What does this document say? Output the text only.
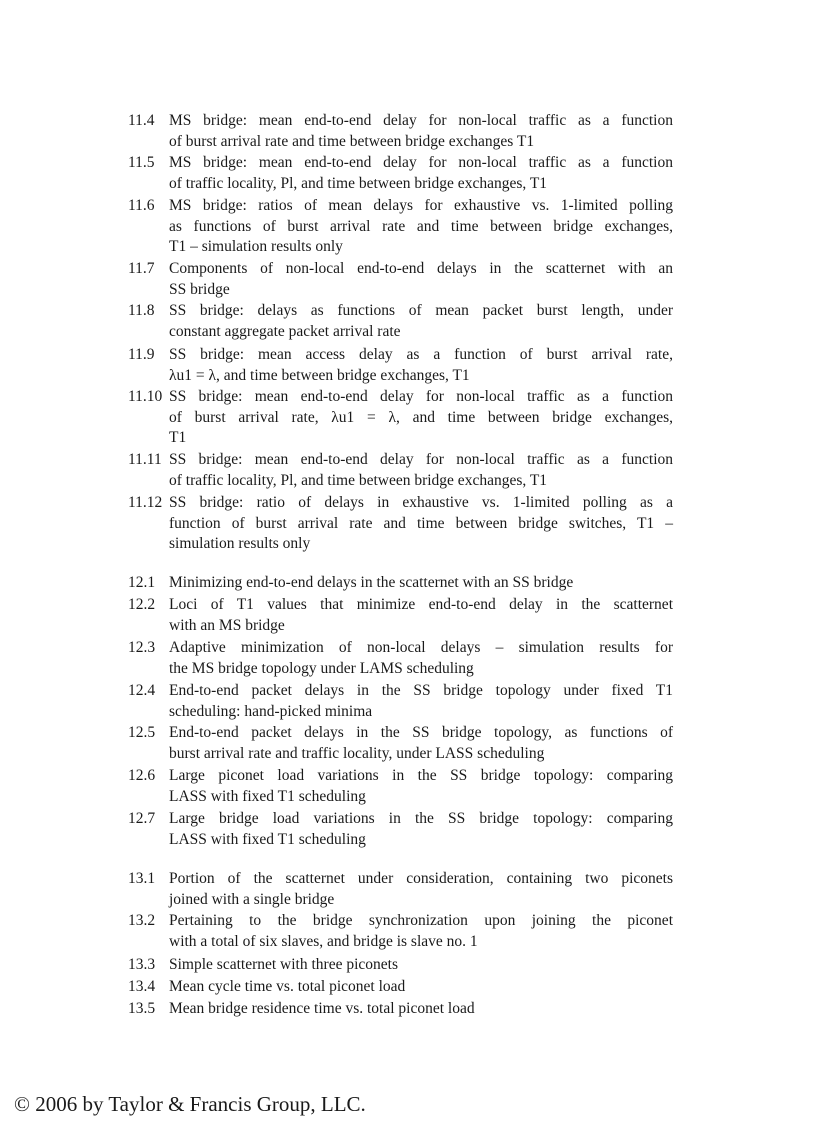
11.4 MS bridge: mean end-to-end delay for non-local traffic as a function
of burst arrival rate and time between bridge exchanges T1
11.5 MS bridge: mean end-to-end delay for non-local traffic as a function
of traffic locality, Pl, and time between bridge exchanges, T1
11.6 MS bridge: ratios of mean delays for exhaustive vs. 1-limited polling
as functions of burst arrival rate and time between bridge exchanges,
T1 – simulation results only
11.7 Components of non-local end-to-end delays in the scatternet with an
SS bridge
11.8 SS bridge: delays as functions of mean packet burst length, under
constant aggregate packet arrival rate
11.9 SS bridge: mean access delay as a function of burst arrival rate,
λu1 = λ, and time between bridge exchanges, T1
11.10 SS bridge: mean end-to-end delay for non-local traffic as a function
of burst arrival rate, λu1 = λ, and time between bridge exchanges,
T1
11.11 SS bridge: mean end-to-end delay for non-local traffic as a function
of traffic locality, Pl, and time between bridge exchanges, T1
11.12 SS bridge: ratio of delays in exhaustive vs. 1-limited polling as a
function of burst arrival rate and time between bridge switches, T1 –
simulation results only
12.1 Minimizing end-to-end delays in the scatternet with an SS bridge
12.2 Loci of T1 values that minimize end-to-end delay in the scatternet
with an MS bridge
12.3 Adaptive minimization of non-local delays – simulation results for
the MS bridge topology under LAMS scheduling
12.4 End-to-end packet delays in the SS bridge topology under fixed T1
scheduling: hand-picked minima
12.5 End-to-end packet delays in the SS bridge topology, as functions of
burst arrival rate and traffic locality, under LASS scheduling
12.6 Large piconet load variations in the SS bridge topology: comparing
LASS with fixed T1 scheduling
12.7 Large bridge load variations in the SS bridge topology: comparing
LASS with fixed T1 scheduling
13.1 Portion of the scatternet under consideration, containing two piconets
joined with a single bridge
13.2 Pertaining to the bridge synchronization upon joining the piconet
with a total of six slaves, and bridge is slave no. 1
13.3 Simple scatternet with three piconets
13.4 Mean cycle time vs. total piconet load
13.5 Mean bridge residence time vs. total piconet load
© 2006 by Taylor & Francis Group, LLC.
